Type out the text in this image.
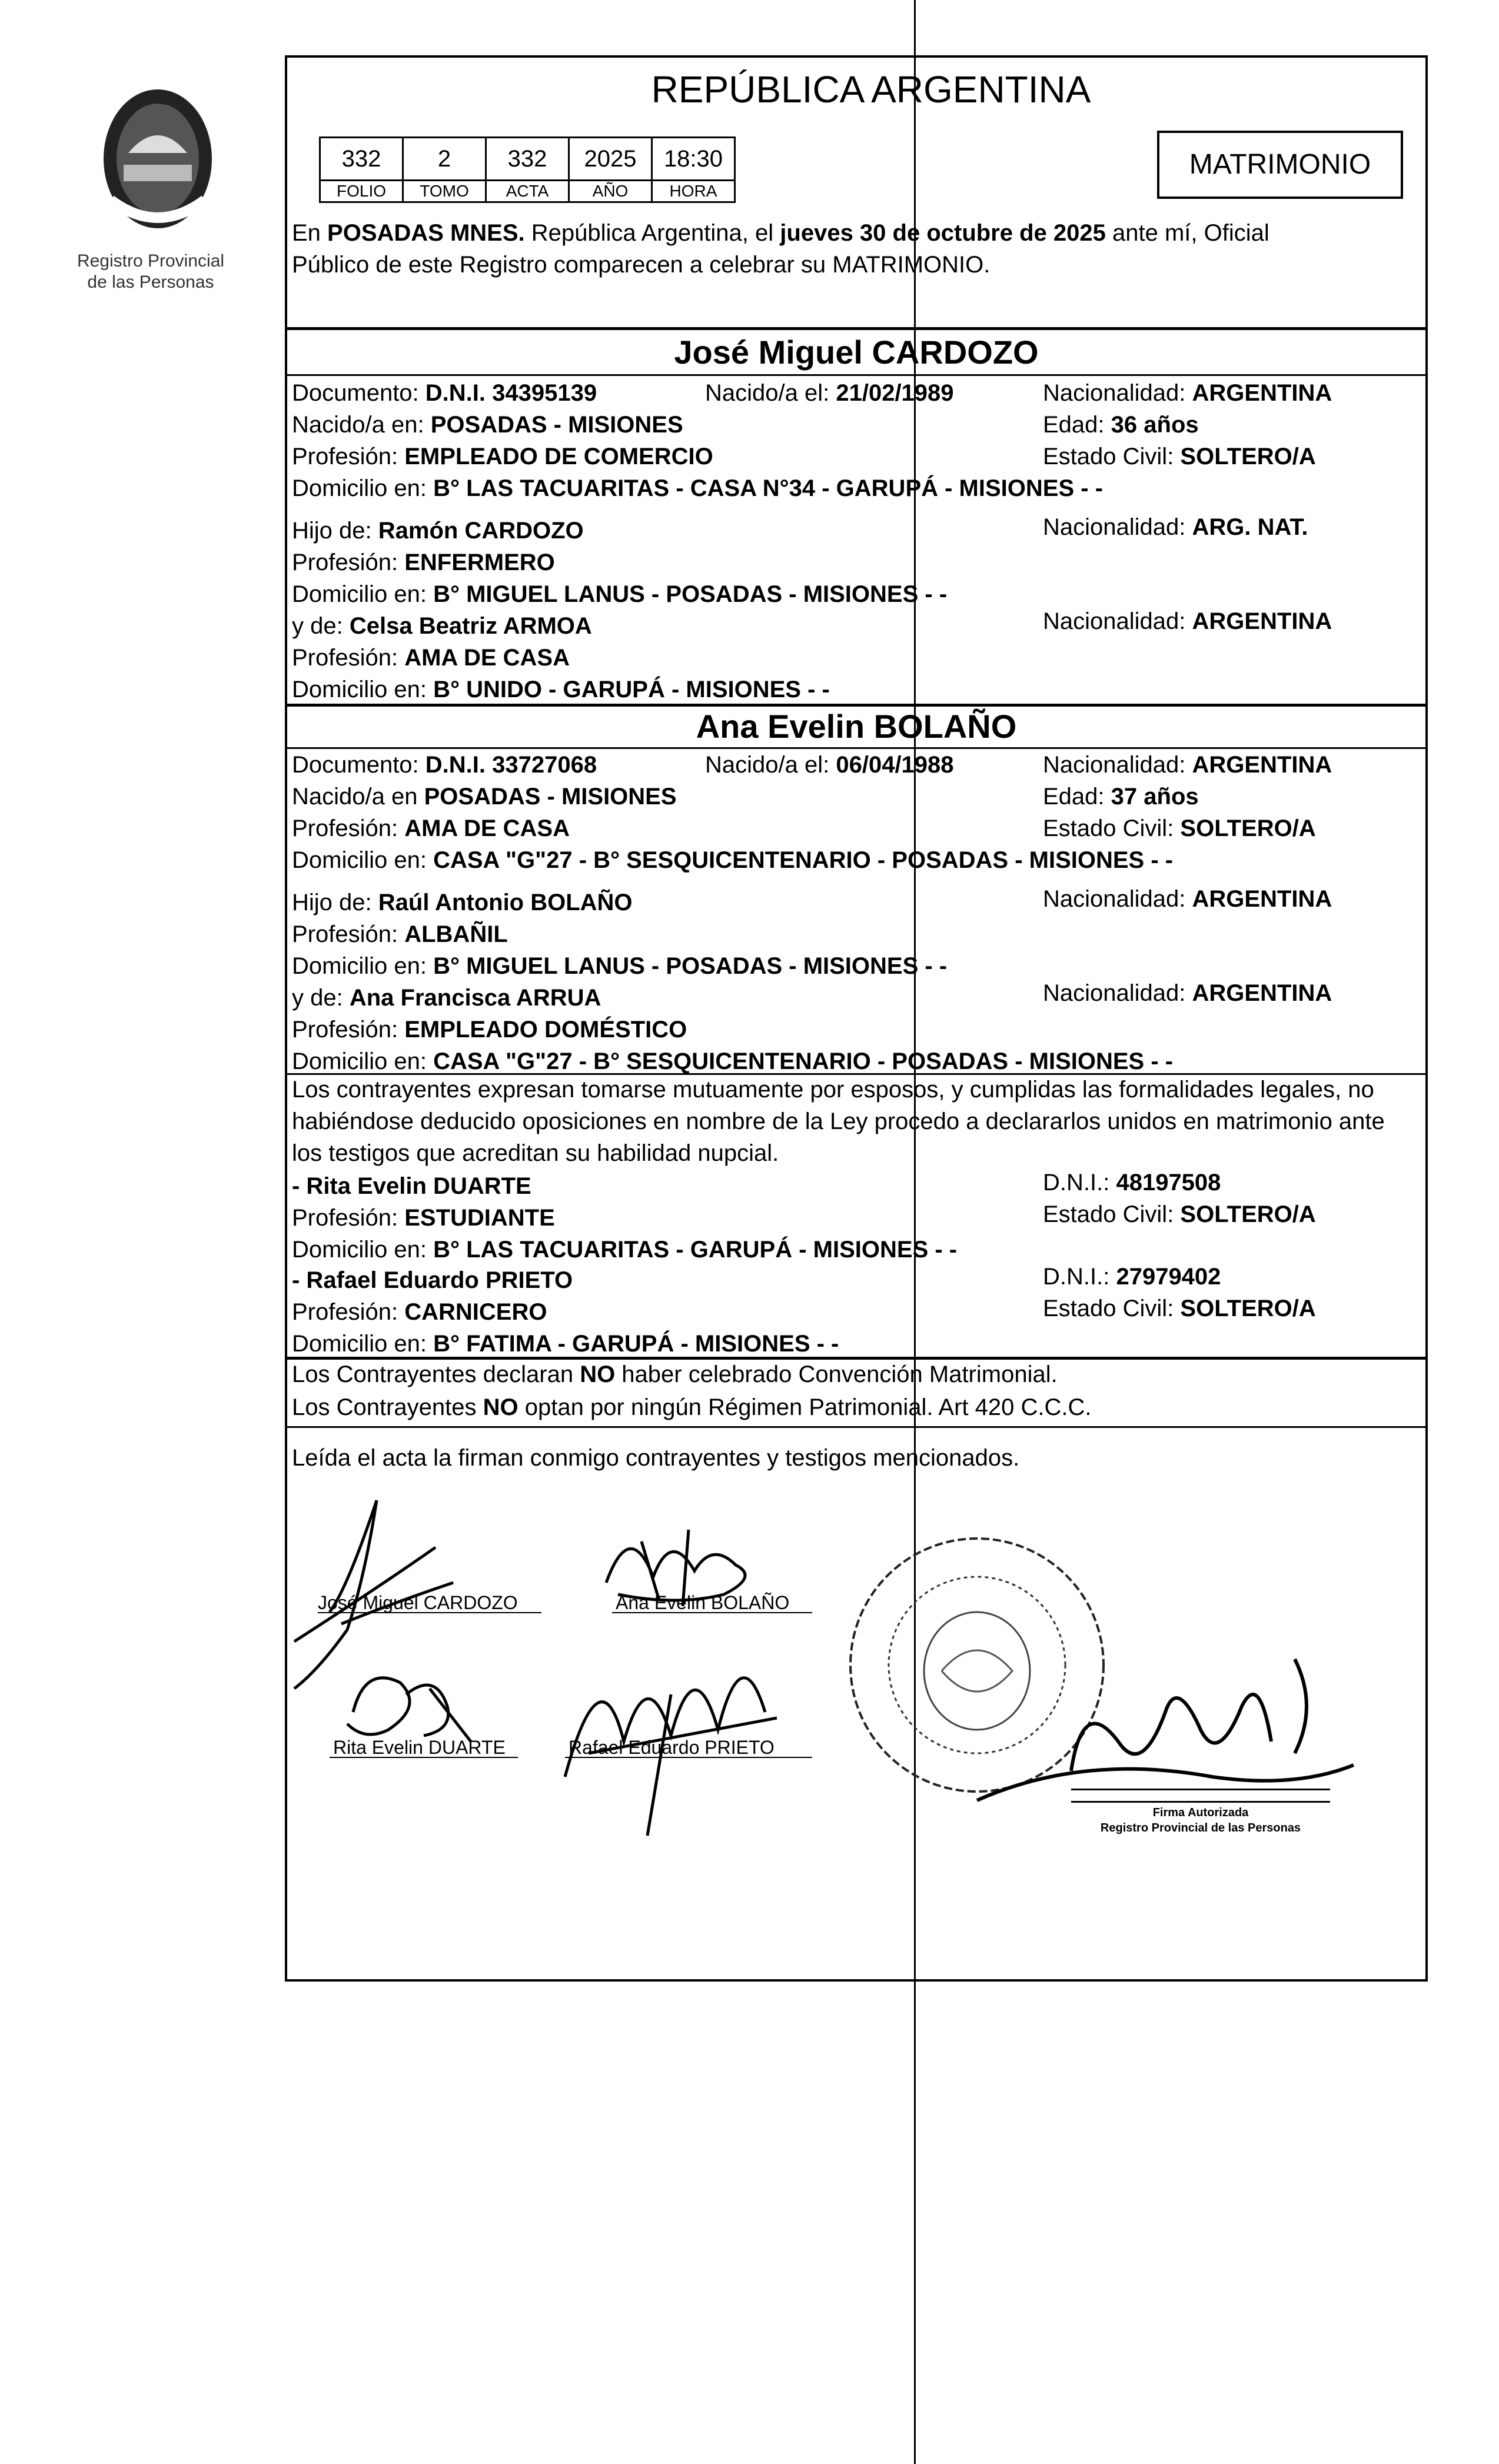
Registro Provincial
de las Personas
REPÚBLICA ARGENTINA
332	2	332	2025	18:30
FOLIO	TOMO	ACTA	AÑO	HORA
MATRIMONIO
En POSADAS MNES. República Argentina, el jueves 30 de octubre de 2025 ante mí, Oficial
Público de este Registro comparecen a celebrar su MATRIMONIO.
José Miguel CARDOZO
Documento: D.N.I. 34395139	Nacido/a el: 21/02/1989	Nacionalidad: ARGENTINA
Nacido/a en: POSADAS - MISIONES	Edad: 36 años
Profesión: EMPLEADO DE COMERCIO	Estado Civil: SOLTERO/A
Domicilio en: B° LAS TACUARITAS - CASA N°34 - GARUPÁ - MISIONES - -
Hijo de: Ramón CARDOZO	Nacionalidad: ARG. NAT.
Profesión: ENFERMERO
Domicilio en: B° MIGUEL LANUS - POSADAS - MISIONES - -
y de: Celsa Beatriz ARMOA	Nacionalidad: ARGENTINA
Profesión: AMA DE CASA
Domicilio en: B° UNIDO - GARUPÁ - MISIONES - -
Ana Evelin BOLAÑO
Documento: D.N.I. 33727068	Nacido/a el: 06/04/1988	Nacionalidad: ARGENTINA
Nacido/a en POSADAS - MISIONES	Edad: 37 años
Profesión: AMA DE CASA	Estado Civil: SOLTERO/A
Domicilio en: CASA "G"27 - B° SESQUICENTENARIO - POSADAS - MISIONES - -
Hijo de: Raúl Antonio BOLAÑO	Nacionalidad: ARGENTINA
Profesión: ALBAÑIL
Domicilio en: B° MIGUEL LANUS - POSADAS - MISIONES - -
y de: Ana Francisca ARRUA	Nacionalidad: ARGENTINA
Profesión: EMPLEADO DOMÉSTICO
Domicilio en: CASA "G"27 - B° SESQUICENTENARIO - POSADAS - MISIONES - -
Los contrayentes expresan tomarse mutuamente por esposos, y cumplidas las formalidades legales, no
habiéndose deducido oposiciones en nombre de la Ley procedo a declararlos unidos en matrimonio ante
los testigos que acreditan su habilidad nupcial.
- Rita Evelin DUARTE	D.N.I.: 48197508
Profesión: ESTUDIANTE	Estado Civil: SOLTERO/A
Domicilio en: B° LAS TACUARITAS - GARUPÁ - MISIONES - -
- Rafael Eduardo PRIETO	D.N.I.: 27979402
Profesión: CARNICERO	Estado Civil: SOLTERO/A
Domicilio en: B° FATIMA - GARUPÁ - MISIONES - -
Los Contrayentes declaran NO haber celebrado Convención Matrimonial.
Los Contrayentes NO optan por ningún Régimen Patrimonial. Art 420 C.C.C.
Leída el acta la firman conmigo contrayentes y testigos mencionados.
José Miguel CARDOZO	Ana Evelin BOLAÑO
Rita Evelin DUARTE	Rafael Eduardo PRIETO
Firma Autorizada
Registro Provincial de las Personas
